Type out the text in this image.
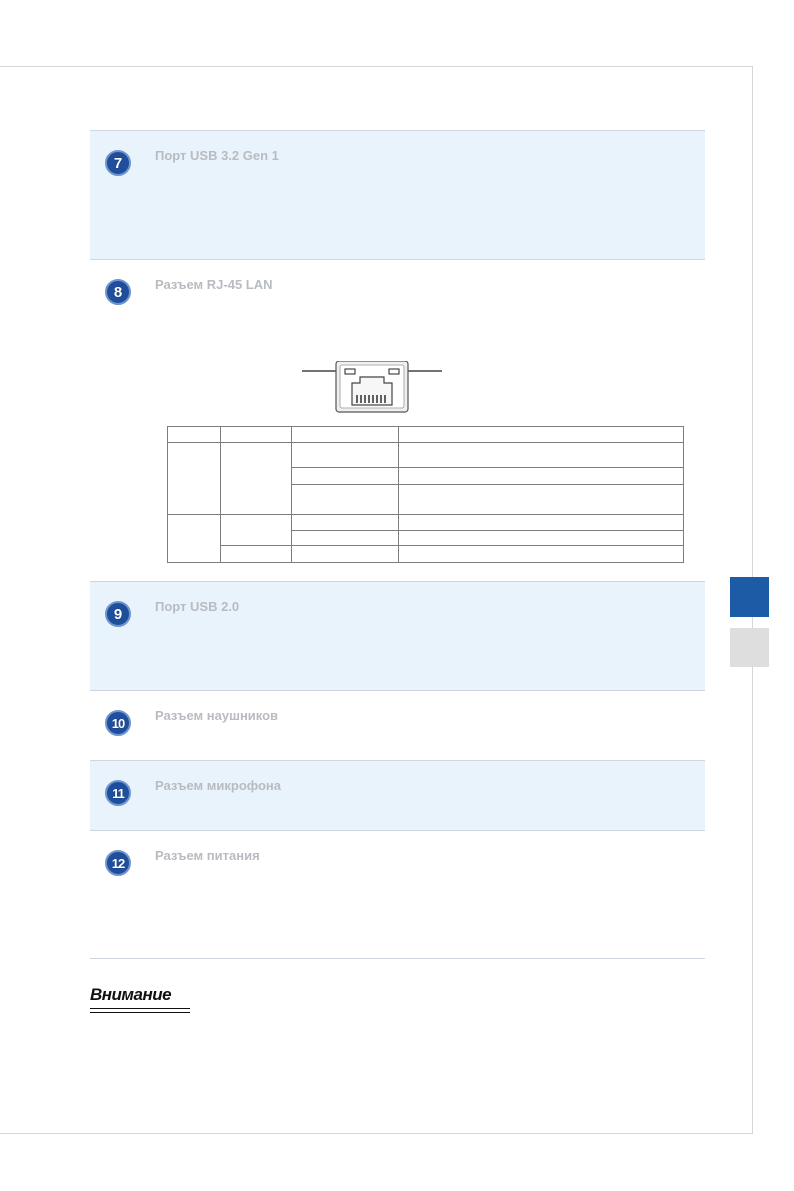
7	Порт USB 3.2 Gen 1
8	Разъем RJ-45 LAN

9	Порт USB 2.0
10	Разъем наушников
11	Разъем микрофона
12	Разъем питания
Внимание
